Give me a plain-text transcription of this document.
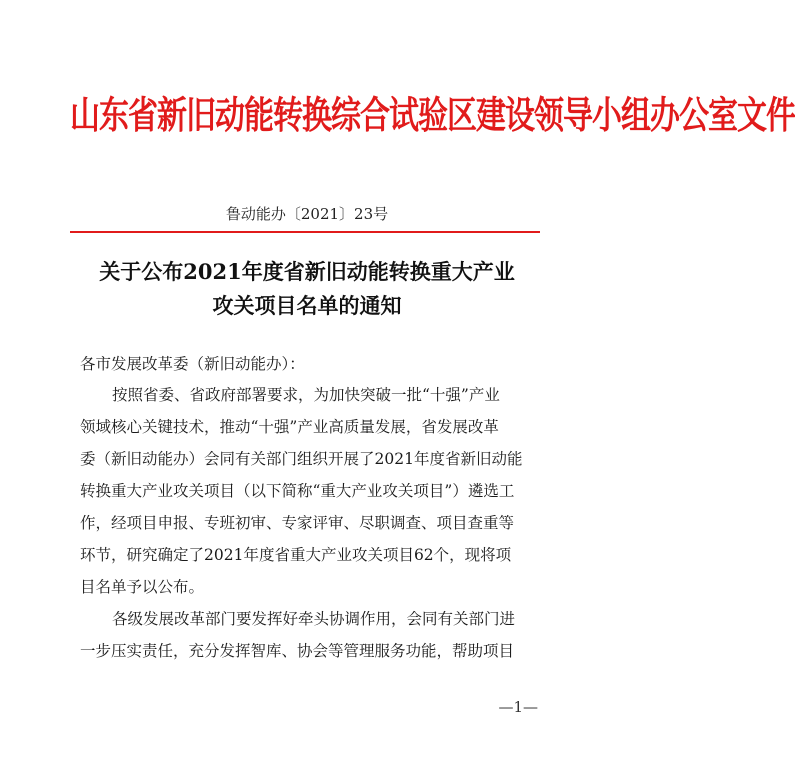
山东省新旧动能转换综合试验区建设领导小组办公室文件
鲁动能办〔2021〕23号
关于公布2021年度省新旧动能转换重大产业
攻关项目名单的通知
各市发展改革委（新旧动能办）：
按照省委、省政府部署要求，为加快突破一批“十强”产业
领域核心关键技术，推动“十强”产业高质量发展，省发展改革
委（新旧动能办）会同有关部门组织开展了2021年度省新旧动能
转换重大产业攻关项目（以下简称“重大产业攻关项目”）遴选工
作，经项目申报、专班初审、专家评审、尽职调查、项目查重等
环节，研究确定了2021年度省重大产业攻关项目62个，现将项
目名单予以公布。
各级发展改革部门要发挥好牵头协调作用，会同有关部门进
一步压实责任，充分发挥智库、协会等管理服务功能，帮助项目
—1—
